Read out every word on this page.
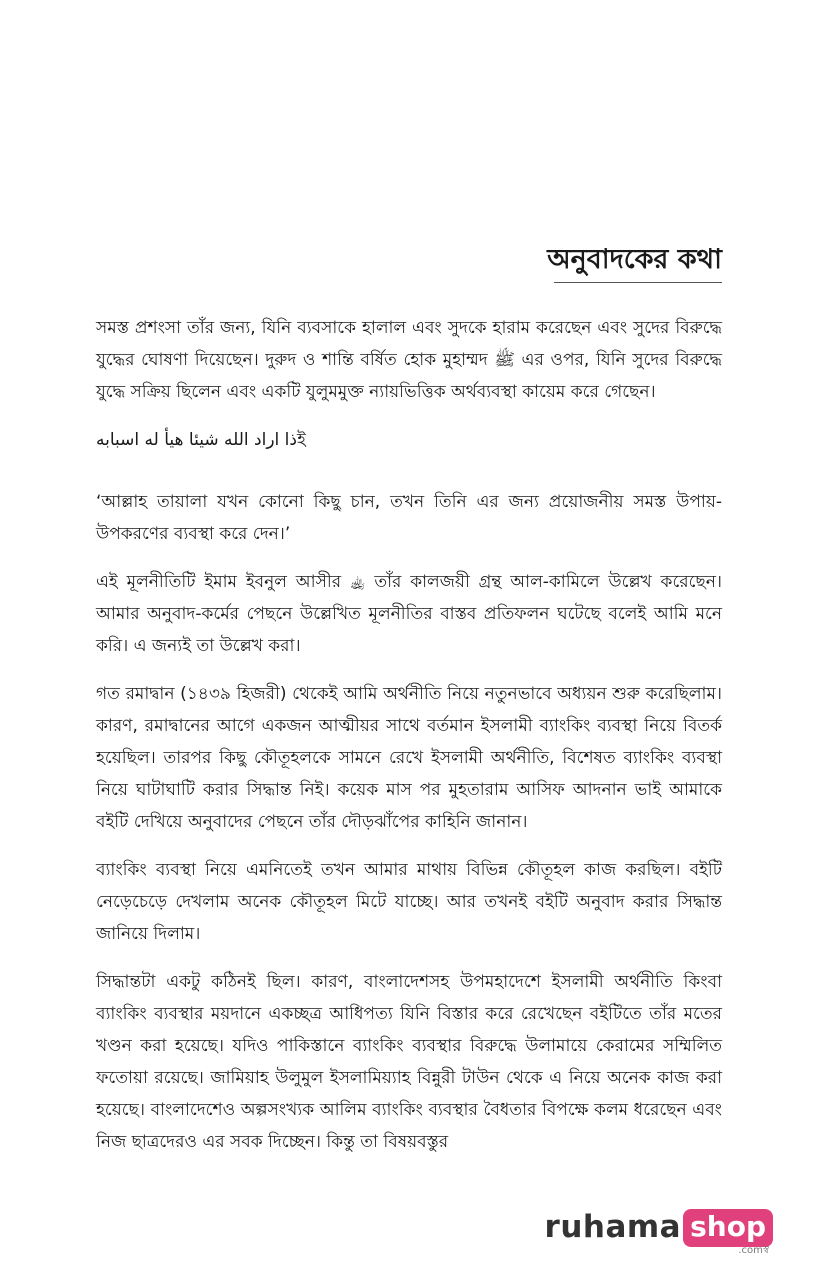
অনুবাদকের কথা

সমস্ত প্রশংসা তাঁর জন্য, যিনি ব্যবসাকে হালাল এবং সুদকে হারাম করেছেন এবং সুদের বিরুদ্ধে যুদ্ধের ঘোষণা দিয়েছেন। দুরুদ ও শান্তি বর্ষিত হোক মুহাম্মদ ﷺ এর ওপর, যিনি সুদের বিরুদ্ধে যুদ্ধে সক্রিয় ছিলেন এবং একটি যুলুমমুক্ত ন্যায়ভিত্তিক অর্থব্যবস্থা কায়েম করে গেছেন।

ইذا اراد الله شيئا هيأ له اسبابه

‘আল্লাহ তায়ালা যখন কোনো কিছু চান, তখন তিনি এর জন্য প্রয়োজনীয় সমস্ত উপায়-উপকরণের ব্যবস্থা করে দেন।’

এই মূলনীতিটি ইমাম ইবনুল আসীর ﵀ তাঁর কালজয়ী গ্রন্থ আল-কামিলে উল্লেখ করেছেন। আমার অনুবাদ-কর্মের পেছনে উল্লেখিত মূলনীতির বাস্তব প্রতিফলন ঘটেছে বলেই আমি মনে করি। এ জন্যই তা উল্লেখ করা।

গত রমাদ্বান (১৪৩৯ হিজরী) থেকেই আমি অর্থনীতি নিয়ে নতুনভাবে অধ্যয়ন শুরু করেছিলাম। কারণ, রমাদ্বানের আগে একজন আত্মীয়র সাথে বর্তমান ইসলামী ব্যাংকিং ব্যবস্থা নিয়ে বিতর্ক হয়েছিল। তারপর কিছু কৌতূহলকে সামনে রেখে ইসলামী অর্থনীতি, বিশেষত ব্যাংকিং ব্যবস্থা নিয়ে ঘাটাঘাটি করার সিদ্ধান্ত নিই। কয়েক মাস পর মুহতারাম আসিফ আদনান ভাই আমাকে বইটি দেখিয়ে অনুবাদের পেছনে তাঁর দৌড়ঝাঁপের কাহিনি জানান।

ব্যাংকিং ব্যবস্থা নিয়ে এমনিতেই তখন আমার মাথায় বিভিন্ন কৌতূহল কাজ করছিল। বইটি নেড়েচেড়ে দেখলাম অনেক কৌতূহল মিটে যাচ্ছে। আর তখনই বইটি অনুবাদ করার সিদ্ধান্ত জানিয়ে দিলাম।

সিদ্ধান্তটা একটু কঠিনই ছিল। কারণ, বাংলাদেশসহ উপমহাদেশে ইসলামী অর্থনীতি কিংবা ব্যাংকিং ব্যবস্থার ময়দানে একচ্ছত্র আধিপত্য যিনি বিস্তার করে রেখেছেন বইটিতে তাঁর মতের খণ্ডন করা হয়েছে। যদিও পাকিস্তানে ব্যাংকিং ব্যবস্থার বিরুদ্ধে উলামায়ে কেরামের সম্মিলিত ফতোয়া রয়েছে। জামিয়াহ উলুমুল ইসলামিয়্যাহ বিন্নুরী টাউন থেকে এ নিয়ে অনেক কাজ করা হয়েছে। বাংলাদেশেও অল্পসংখ্যক আলিম ব্যাংকিং ব্যবস্থার বৈধতার বিপক্ষে কলম ধরেছেন এবং নিজ ছাত্রদেরও এর সবক দিচ্ছেন। কিন্তু তা বিষয়বস্তুর

ruhama shop
.comস্ব
